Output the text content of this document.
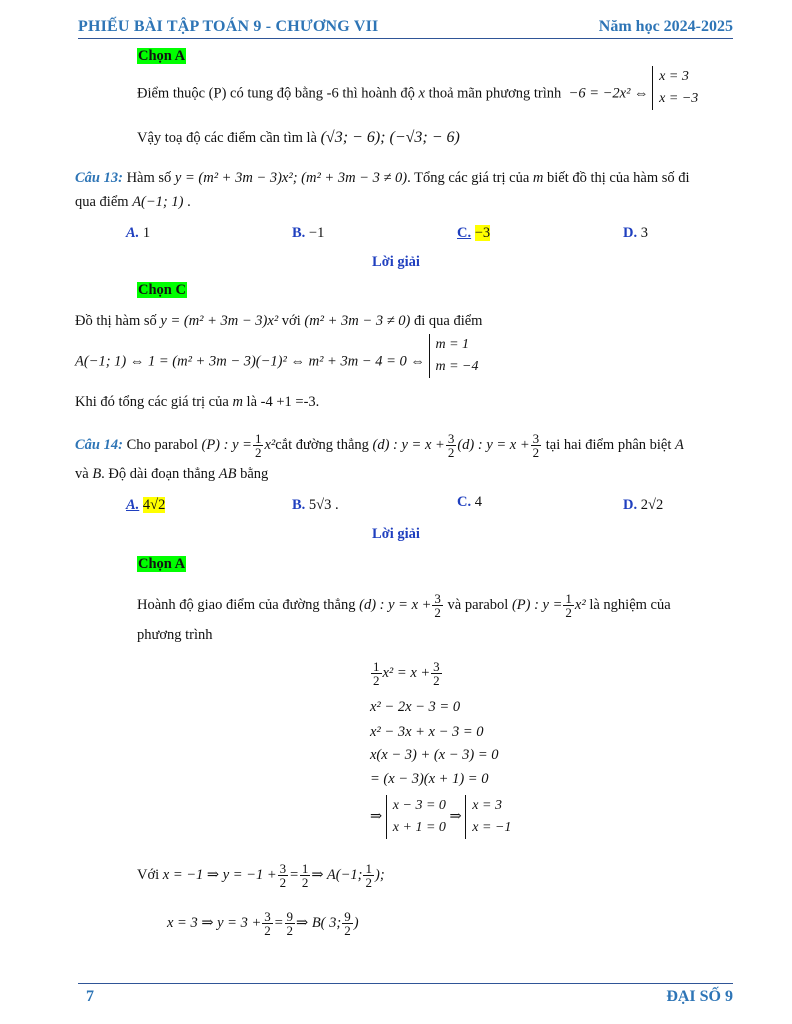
PHIẾU BÀI TẬP TOÁN 9 - CHƯƠNG VII	Năm học 2024-2025
Chọn A
Điểm thuộc (P) có tung độ bằng -6 thì hoành độ x thoả mãn phương trình −6 = −2x² ⇔
x = 3
x = −3
Vậy toạ độ các điểm cần tìm là (√3; − 6); (−√3; − 6)
Câu 13: Hàm số y = (m² + 3m − 3)x²; (m² + 3m − 3 ≠ 0). Tổng các giá trị của m biết đồ thị của hàm số đi
qua điểm A(−1; 1) .
A. 1	B. −1	C. −3	D. 3
Lời giải
Chọn C
Đồ thị hàm số y = (m² + 3m − 3)x² với (m² + 3m − 3 ≠ 0) đi qua điểm
A(−1; 1) ⇔ 1 = (m² + 3m − 3)(−1)² ⇔ m² + 3m − 4 = 0 ⇔
m = 1
m = −4
Khi đó tổng các giá trị của m là -4 +1 =-3.
Câu 14: Cho parabol (P) : $y = \frac{1}{2}$ x²cắt đường thẳng (d) : $y = x + \frac{3}{2} (d)$ : $y = x + \frac{3}{2}$ tại hai điểm phân biệt A
và B. Độ dài đoạn thẳng AB bằng
A. 4√2	B. 5√3 .	C. 4	D. 2√2
Lời giải
Chọn A
Hoành độ giao điểm của đường thẳng (d) : $y = x + \frac{3}{2}$ và parabol (P) : $y = \frac{1}{2} x^2$ là nghiệm của
phương trình
$\frac{1}{2} x^2 = x + \frac{3}{2}$
x² − 2x − 3 = 0
x² − 3x + x − 3 = 0
x(x − 3) + (x − 3) = 0
= (x − 3)(x + 1) = 0
⇒
x − 3 = 0
x + 1 = 0
⇒
x = 3
x = −1
Với x = −1 ⇒ $y = -1 + \frac{3}{2} = \frac{1}{2}$ ⇒ A(−1; $\frac{1}{2}$ );
x = 3 ⇒ $y = 3 + \frac{3}{2} = \frac{9}{2}$ ⇒ B( 3; $\frac{9}{2}$ )
7	ĐẠI SỐ 9
